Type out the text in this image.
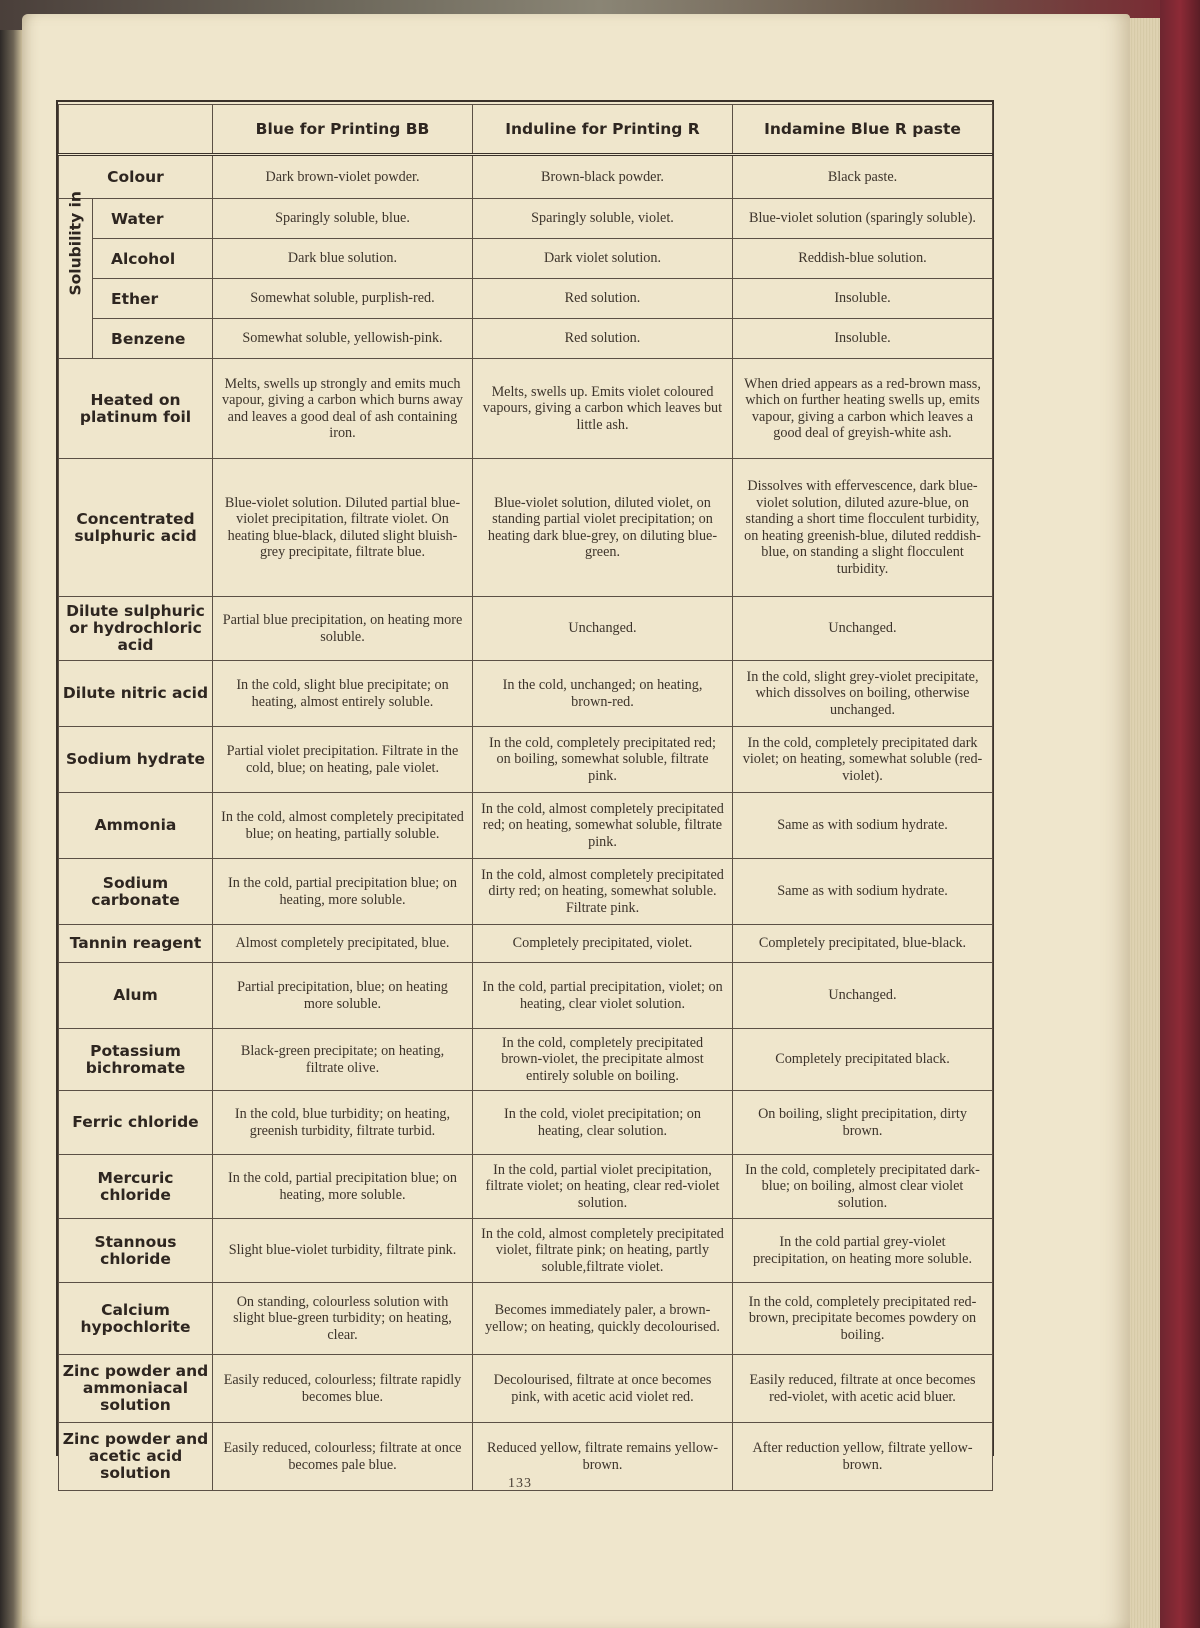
		Blue for Printing BB	Induline for Printing R	Indamine Blue R paste
Colour		Dark brown-violet powder.	Brown-black powder.	Black paste.

Solubility in	Water	Sparingly soluble, blue.	Sparingly soluble, violet.	Blue-violet solution (sparingly soluble).
	Alcohol	Dark blue solution.	Dark violet solution.	Reddish-blue solution.
	Ether	Somewhat soluble, purplish-red.	Red solution.	Insoluble.
	Benzene	Somewhat soluble, yellowish-pink.	Red solution.	Insoluble.
Heated on platinum foil		Melts, swells up strongly and emits much vapour, giving a carbon which burns away and leaves a good deal of ash containing iron.	Melts, swells up. Emits violet coloured vapours, giving a carbon which leaves but little ash.	When dried appears as a red-brown mass, which on further heating swells up, emits vapour, giving a carbon which leaves a good deal of greyish-white ash.
Concentrated sulphuric acid		Blue-violet solution. Diluted partial blue-violet precipitation, filtrate violet. On heating blue-black, diluted slight bluish-grey precipitate, filtrate blue.	Blue-violet solution, diluted violet, on standing partial violet precipitation; on heating dark blue-grey, on diluting blue-green.	Dissolves with effervescence, dark blue-violet solution, diluted azure-blue, on standing a short time flocculent turbidity, on heating greenish-blue, diluted reddish-blue, on standing a slight flocculent turbidity.
Dilute sulphuric or hydrochloric acid		Partial blue precipitation, on heating more soluble.	Unchanged.	Unchanged.
Dilute nitric acid		In the cold, slight blue precipitate; on heating, almost entirely soluble.	In the cold, unchanged; on heating, brown-red.	In the cold, slight grey-violet precipitate, which dissolves on boiling, otherwise unchanged.
Sodium hydrate		Partial violet precipitation. Filtrate in the cold, blue; on heating, pale violet.	In the cold, completely precipitated red; on boiling, somewhat soluble, filtrate pink.	In the cold, completely precipitated dark violet; on heating, somewhat soluble (red-violet).
Ammonia		In the cold, almost completely precipitated blue; on heating, partially soluble.	In the cold, almost completely precipitated red; on heating, somewhat soluble, filtrate pink.	Same as with sodium hydrate.
Sodium carbonate		In the cold, partial precipitation blue; on heating, more soluble.	In the cold, almost completely precipitated dirty red; on heating, somewhat soluble. Filtrate pink.	Same as with sodium hydrate.
Tannin reagent		Almost completely precipitated, blue.	Completely precipitated, violet.	Completely precipitated, blue-black.
Alum		Partial precipitation, blue; on heating more soluble.	In the cold, partial precipitation, violet; on heating, clear violet solution.	Unchanged.
Potassium bichromate		Black-green precipitate; on heating, filtrate olive.	In the cold, completely precipitated brown-violet, the precipitate almost entirely soluble on boiling.	Completely precipitated black.
Ferric chloride		In the cold, blue turbidity; on heating, greenish turbidity, filtrate turbid.	In the cold, violet precipitation; on heating, clear solution.	On boiling, slight precipitation, dirty brown.
Mercuric chloride		In the cold, partial precipitation blue; on heating, more soluble.	In the cold, partial violet precipitation, filtrate violet; on heating, clear red-violet solution.	In the cold, completely precipitated dark-blue; on boiling, almost clear violet solution.
Stannous chloride		Slight blue-violet turbidity, filtrate pink.	In the cold, almost completely precipitated violet, filtrate pink; on heating, partly soluble,filtrate violet.	In the cold partial grey-violet precipitation, on heating more soluble.
Calcium hypochlorite		On standing, colourless solution with slight blue-green turbidity; on heating, clear.	Becomes immediately paler, a brown-yellow; on heating, quickly decolourised.	In the cold, completely precipitated red-brown, precipitate becomes powdery on boiling.
Zinc powder and ammoniacal solution		Easily reduced, colourless; filtrate rapidly becomes blue.	Decolourised, filtrate at once becomes pink, with acetic acid violet red.	Easily reduced, filtrate at once becomes red-violet, with acetic acid bluer.
Zinc powder and acetic acid solution		Easily reduced, colourless; filtrate at once becomes pale blue.	Reduced yellow, filtrate remains yellow-brown.	After reduction yellow, filtrate yellow-brown.
133
